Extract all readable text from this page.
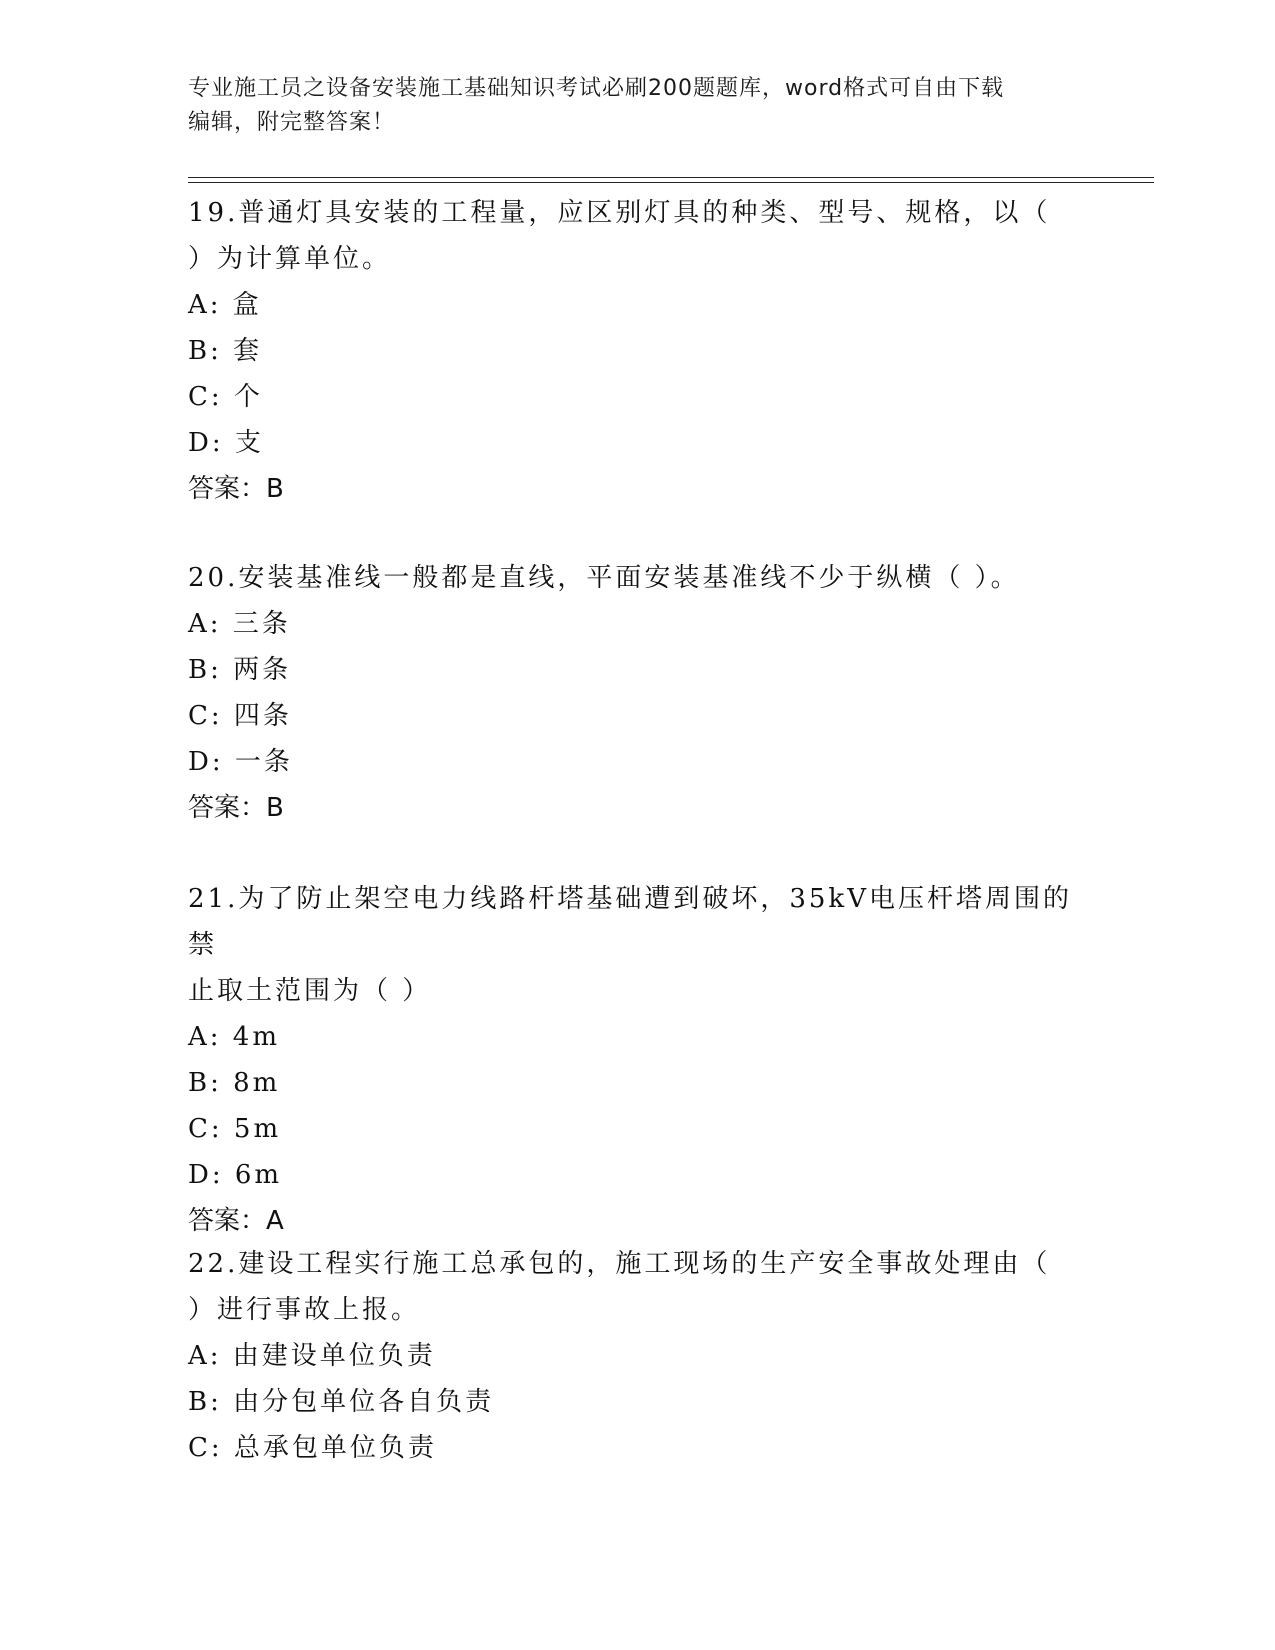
专业施工员之设备安装施工基础知识考试必刷200题题库，word格式可自由下载
编辑，附完整答案！

19.普通灯具安装的工程量，应区别灯具的种类、型号、规格，以（

）为计算单位。

A: 盒

B: 套

C: 个

D: 支

答案：B

20.安装基准线一般都是直线，平面安装基准线不少于纵横（ ）。

A: 三条

B: 两条

C: 四条

D: 一条

答案：B

21.为了防止架空电力线路杆塔基础遭到破坏，35kV电压杆塔周围的禁

止取土范围为（ ）

A: 4m

B: 8m

C: 5m

D: 6m

答案：A

22.建设工程实行施工总承包的，施工现场的生产安全事故处理由（

）进行事故上报。

A: 由建设单位负责

B: 由分包单位各自负责

C: 总承包单位负责
